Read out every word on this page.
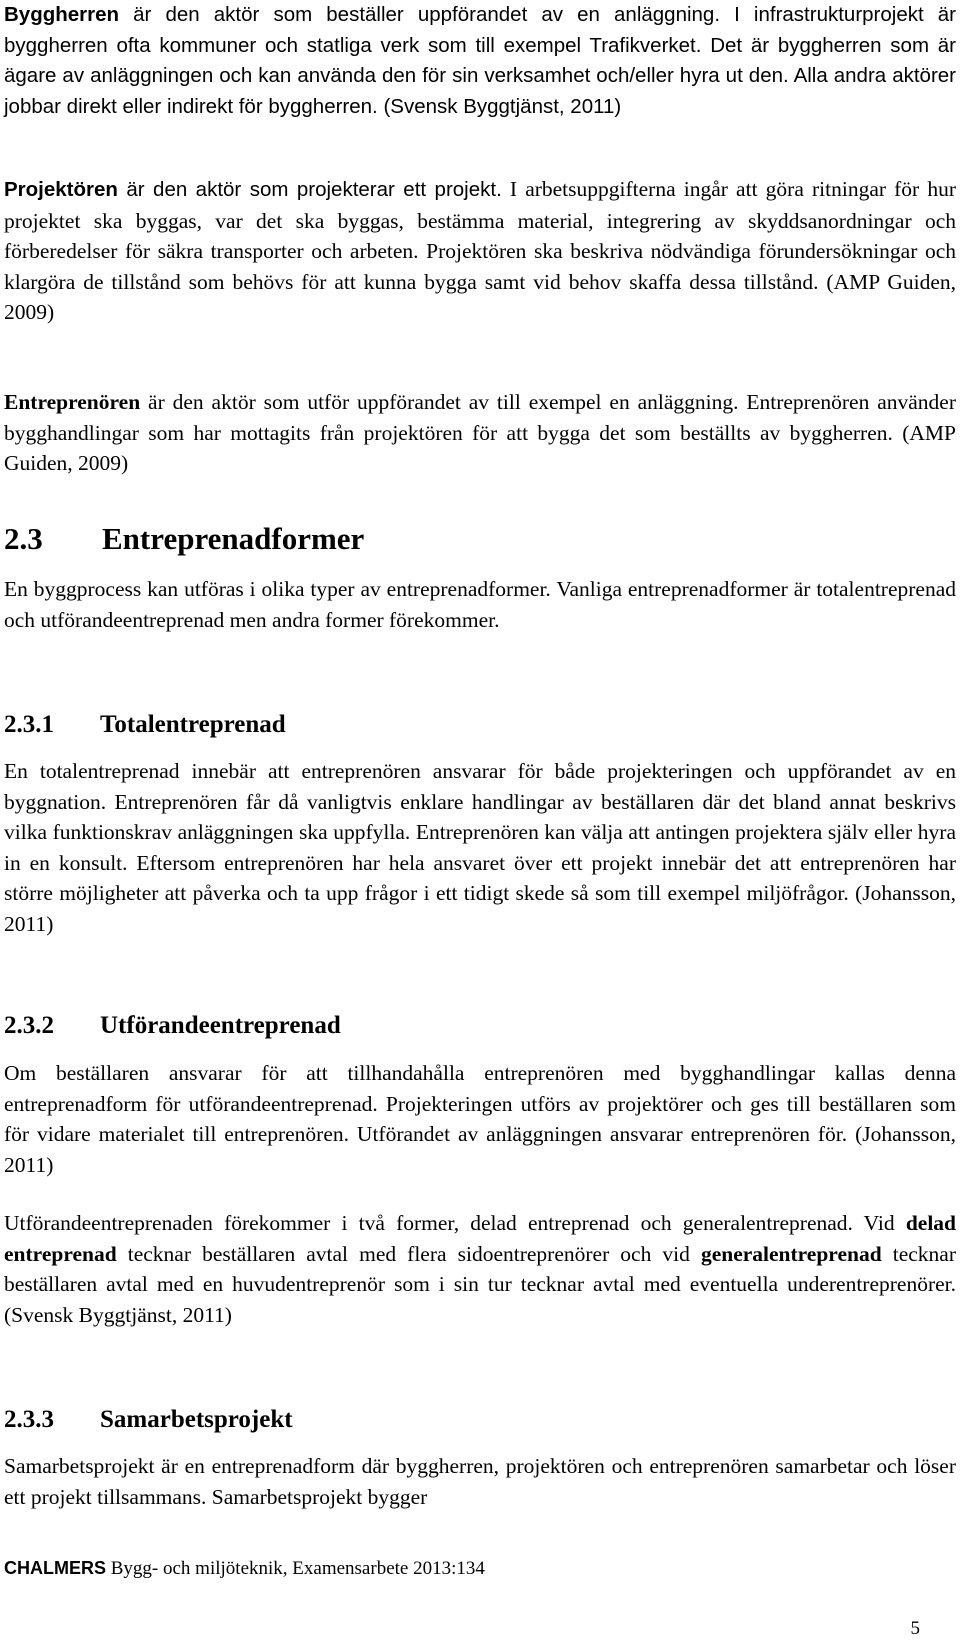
Byggherren är den aktör som beställer uppförandet av en anläggning. I infrastrukturprojekt är byggherren ofta kommuner och statliga verk som till exempel Trafikverket. Det är byggherren som är ägare av anläggningen och kan använda den för sin verksamhet och/eller hyra ut den. Alla andra aktörer jobbar direkt eller indirekt för byggherren. (Svensk Byggtjänst, 2011)

Projektören är den aktör som projekterar ett projekt. I arbetsuppgifterna ingår att göra ritningar för hur projektet ska byggas, var det ska byggas, bestämma material, integrering av skyddsanordningar och förberedelser för säkra transporter och arbeten. Projektören ska beskriva nödvändiga förundersökningar och klargöra de tillstånd som behövs för att kunna bygga samt vid behov skaffa dessa tillstånd. (AMP Guiden, 2009)

Entreprenören är den aktör som utför uppförandet av till exempel en anläggning. Entreprenören använder bygghandlingar som har mottagits från projektören för att bygga det som beställts av byggherren. (AMP Guiden, 2009)

2.3 Entreprenadformer

En byggprocess kan utföras i olika typer av entreprenadformer. Vanliga entreprenadformer är totalentreprenad och utförandeentreprenad men andra former förekommer.

2.3.1 Totalentreprenad

En totalentreprenad innebär att entreprenören ansvarar för både projekteringen och uppförandet av en byggnation. Entreprenören får då vanligtvis enklare handlingar av beställaren där det bland annat beskrivs vilka funktionskrav anläggningen ska uppfylla. Entreprenören kan välja att antingen projektera själv eller hyra in en konsult. Eftersom entreprenören har hela ansvaret över ett projekt innebär det att entreprenören har större möjligheter att påverka och ta upp frågor i ett tidigt skede så som till exempel miljöfrågor. (Johansson, 2011)

2.3.2 Utförandeentreprenad

Om beställaren ansvarar för att tillhandahålla entreprenören med bygghandlingar kallas denna entreprenadform för utförandeentreprenad. Projekteringen utförs av projektörer och ges till beställaren som för vidare materialet till entreprenören. Utförandet av anläggningen ansvarar entreprenören för. (Johansson, 2011)

Utförandeentreprenaden förekommer i två former, delad entreprenad och generalentreprenad. Vid delad entreprenad tecknar beställaren avtal med flera sidoentreprenörer och vid generalentreprenad tecknar beställaren avtal med en huvudentreprenör som i sin tur tecknar avtal med eventuella underentreprenörer. (Svensk Byggtjänst, 2011)

2.3.3 Samarbetsprojekt

Samarbetsprojekt är en entreprenadform där byggherren, projektören och entreprenören samarbetar och löser ett projekt tillsammans. Samarbetsprojekt bygger

CHALMERS Bygg- och miljöteknik, Examensarbete 2013:134
5
